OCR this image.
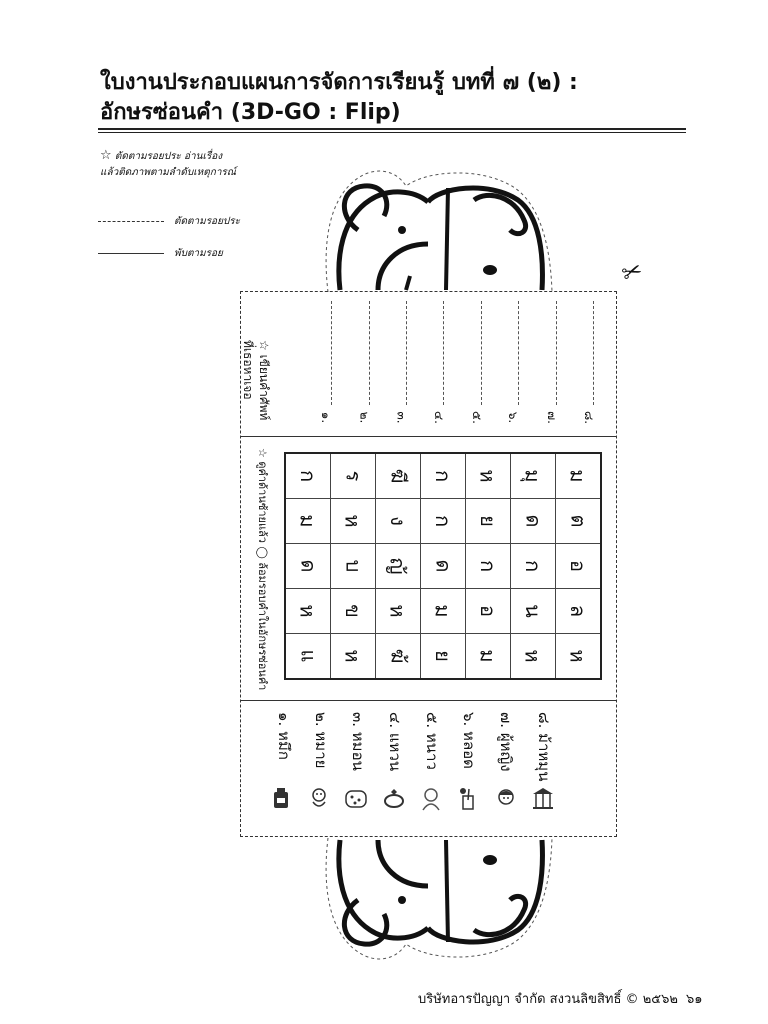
ใบงานประกอบแผนการจัดการเรียนรู้ บทที่ ๗ (๒) :
อักษรซ่อนคำ (3D-GO : Flip)
☆ ตัดตามรอยประ อ่านเรื่อง
แล้วติดภาพตามลำดับเหตุการณ์
ตัดตามรอยประ
พับตามรอย
✂
☆ เขียนคำศัพท์
ที่เธอหาเจอ
๑. ๒. ๓. ๔. ๕. ๖. ๗. ๘.
☆ ดูคำด้านซ้ายแล้ว ◯ ล้อมรอบคำในอักษรซ่อนคำ ก	ร	ฆี	ก	ห	มุ	ม
ม	ห	ง	ก	ย	ด	ต
ด	บ	ญ้	ด	ก	ก	อ
ห	ข	ห	ม	อ	น	ล
แ	ห	ฆ้	ย	ม	ห	ห
๑. หมึก ๒. หมาย ๓. หมอน ๔. แหวน ๕. หนาว ๖. หลอด ๗. ผู้หญิง ๘. ม้าหมุน
บริษัทอารปัญญา จำกัด สงวนลิขสิทธิ์ © ๒๕๖๒ ๖๑
